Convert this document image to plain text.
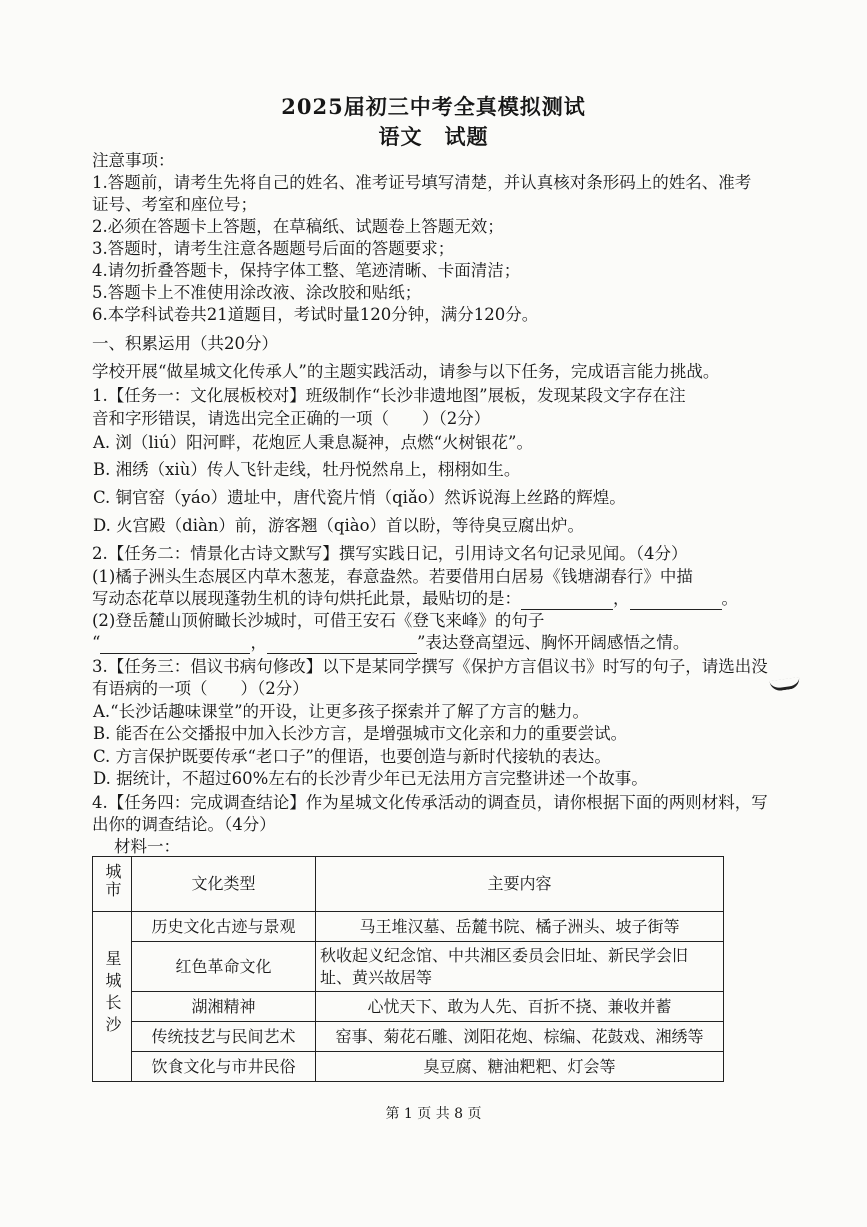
2025届初三中考全真模拟测试
语文　试题
注意事项：
1.答题前，请考生先将自己的姓名、准考证号填写清楚，并认真核对条形码上的姓名、准考
证号、考室和座位号；
2.必须在答题卡上答题，在草稿纸、试题卷上答题无效；
3.答题时，请考生注意各题题号后面的答题要求；
4.请勿折叠答题卡，保持字体工整、笔迹清晰、卡面清洁；
5.答题卡上不准使用涂改液、涂改胶和贴纸；
6.本学科试卷共21道题目，考试时量120分钟，满分120分。
一、积累运用（共20分）
学校开展“做星城文化传承人”的主题实践活动，请参与以下任务，完成语言能力挑战。
1.【任务一：文化展板校对】班级制作“长沙非遗地图”展板，发现某段文字存在注
音和字形错误，请选出完全正确的一项（　　）（2分）
A. 浏（liú）阳河畔，花炮匠人秉息凝神，点燃“火树银花”。
B. 湘绣（xiù）传人飞针走线，牡丹悦然帛上，栩栩如生。
C. 铜官窑（yáo）遗址中，唐代瓷片悄（qiǎo）然诉说海上丝路的辉煌。
D. 火宫殿（diàn）前，游客翘（qiào）首以盼，等待臭豆腐出炉。
2.【任务二：情景化古诗文默写】撰写实践日记，引用诗文名句记录见闻。（4分）
(1)橘子洲头生态展区内草木葱茏，春意盎然。若要借用白居易《钱塘湖春行》中描
写动态花草以展现蓬勃生机的诗句烘托此景，最贴切的是：	，	。
(2)登岳麓山顶俯瞰长沙城时，可借王安石《登飞来峰》的句子
“	，	”表达登高望远、胸怀开阔感悟之情。
3.【任务三：倡议书病句修改】以下是某同学撰写《保护方言倡议书》时写的句子，请选出没
有语病的一项（　　）（2分）
A.“长沙话趣味课堂”的开设，让更多孩子探索并了解了方言的魅力。
B. 能否在公交播报中加入长沙方言，是增强城市文化亲和力的重要尝试。
C. 方言保护既要传承“老口子”的俚语，也要创造与新时代接轨的表达。
D. 据统计，不超过60%左右的长沙青少年已无法用方言完整讲述一个故事。
4.【任务四：完成调查结论】作为星城文化传承活动的调查员，请你根据下面的两则材料，写
出你的调查结论。（4分）
材料一：
城市	文化类型	主要内容
星城长沙	历史文化古迹与景观	马王堆汉墓、岳麓书院、橘子洲头、坡子街等
	红色革命文化	秋收起义纪念馆、中共湘区委员会旧址、新民学会旧址、黄兴故居等
	湖湘精神	心忧天下、敢为人先、百折不挠、兼收并蓄
	传统技艺与民间艺术	窑事、菊花石雕、浏阳花炮、棕编、花鼓戏、湘绣等
	饮食文化与市井民俗	臭豆腐、糖油粑粑、灯会等
第 1 页 共 8 页
